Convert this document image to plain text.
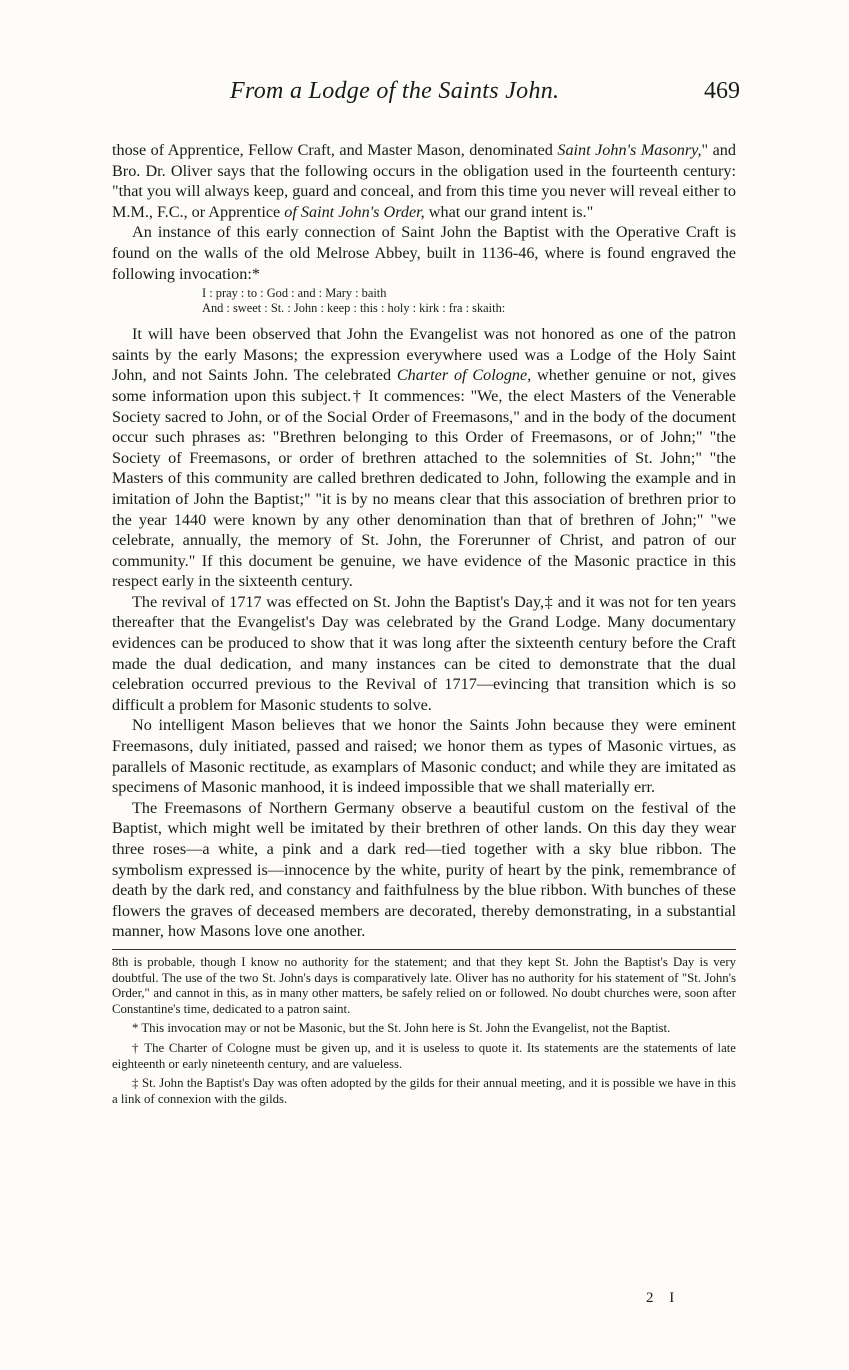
From a Lodge of the Saints John.	469

those of Apprentice, Fellow Craft, and Master Mason, denominated Saint John's Masonry," and Bro. Dr. Oliver says that the following occurs in the obligation used in the fourteenth century: "that you will always keep, guard and conceal, and from this time you never will reveal either to M.M., F.C., or Apprentice of Saint John's Order, what our grand intent is."

An instance of this early connection of Saint John the Baptist with the Operative Craft is found on the walls of the old Melrose Abbey, built in 1136-46, where is found engraved the following invocation:*

I : pray : to : God : and : Mary : baith
And : sweet : St. : John : keep : this : holy : kirk : fra : skaith:

It will have been observed that John the Evangelist was not honored as one of the patron saints by the early Masons; the expression everywhere used was a Lodge of the Holy Saint John, and not Saints John. The celebrated Charter of Cologne, whether genuine or not, gives some information upon this subject.† It commences: "We, the elect Masters of the Venerable Society sacred to John, or of the Social Order of Freemasons," and in the body of the document occur such phrases as: "Brethren belonging to this Order of Freemasons, or of John;" "the Society of Freemasons, or order of brethren attached to the solemnities of St. John;" "the Masters of this community are called brethren dedicated to John, following the example and in imitation of John the Baptist;" "it is by no means clear that this association of brethren prior to the year 1440 were known by any other denomination than that of brethren of John;" "we celebrate, annually, the memory of St. John, the Forerunner of Christ, and patron of our community." If this document be genuine, we have evidence of the Masonic practice in this respect early in the sixteenth century.

The revival of 1717 was effected on St. John the Baptist's Day,‡ and it was not for ten years thereafter that the Evangelist's Day was celebrated by the Grand Lodge. Many documentary evidences can be produced to show that it was long after the sixteenth century before the Craft made the dual dedication, and many instances can be cited to demonstrate that the dual celebration occurred previous to the Revival of 1717—evincing that transition which is so difficult a problem for Masonic students to solve.

No intelligent Mason believes that we honor the Saints John because they were eminent Freemasons, duly initiated, passed and raised; we honor them as types of Masonic virtues, as parallels of Masonic rectitude, as examplars of Masonic conduct; and while they are imitated as specimens of Masonic manhood, it is indeed impossible that we shall materially err.

The Freemasons of Northern Germany observe a beautiful custom on the festival of the Baptist, which might well be imitated by their brethren of other lands. On this day they wear three roses—a white, a pink and a dark red—tied together with a sky blue ribbon. The symbolism expressed is—innocence by the white, purity of heart by the pink, remembrance of death by the dark red, and constancy and faithfulness by the blue ribbon. With bunches of these flowers the graves of deceased members are decorated, thereby demonstrating, in a substantial manner, how Masons love one another.

8th is probable, though I know no authority for the statement; and that they kept St. John the Baptist's Day is very doubtful. The use of the two St. John's days is comparatively late. Oliver has no authority for his statement of "St. John's Order," and cannot in this, as in many other matters, be safely relied on or followed. No doubt churches were, soon after Constantine's time, dedicated to a patron saint.

* This invocation may or not be Masonic, but the St. John here is St. John the Evangelist, not the Baptist.

† The Charter of Cologne must be given up, and it is useless to quote it. Its statements are the statements of late eighteenth or early nineteenth century, and are valueless.

‡ St. John the Baptist's Day was often adopted by the gilds for their annual meeting, and it is possible we have in this a link of connexion with the gilds.

2 I
